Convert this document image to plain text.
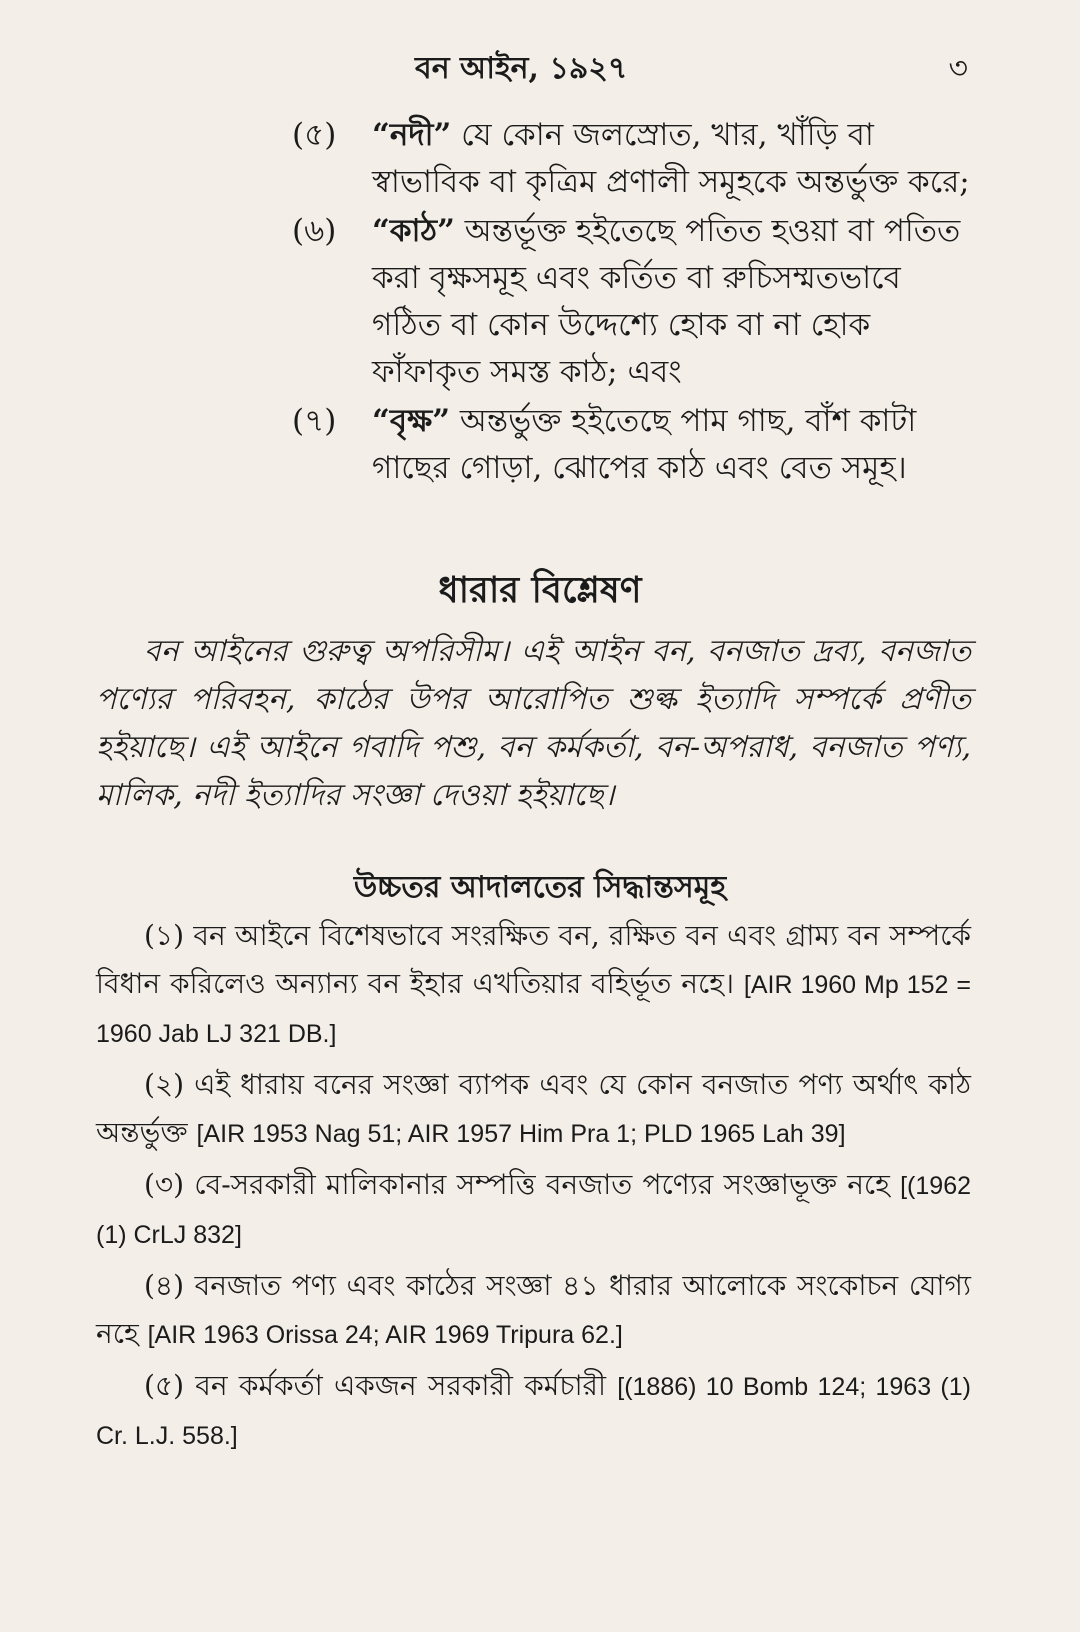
বন আইন, ১৯২৭	৩
(৫) “নদী” যে কোন জলস্রোত, খার, খাঁড়ি বা স্বাভাবিক বা কৃত্রিম প্রণালী সমূহকে অন্তর্ভুক্ত করে;
(৬) “কাঠ” অন্তর্ভূক্ত হইতেছে পতিত হওয়া বা পতিত করা বৃক্ষসমূহ এবং কর্তিত বা রুচিসম্মতভাবে গঠিত বা কোন উদ্দেশ্যে হোক বা না হোক ফাঁফাকৃত সমস্ত কাঠ; এবং
(৭) “বৃক্ষ” অন্তর্ভুক্ত হইতেছে পাম গাছ, বাঁশ কাটা গাছের গোড়া, ঝোপের কাঠ এবং বেত সমূহ।
ধারার বিশ্লেষণ

বন আইনের গুরুত্ব অপরিসীম। এই আইন বন, বনজাত দ্রব্য, বনজাত পণ্যের পরিবহন, কাঠের উপর আরোপিত শুল্ক ইত্যাদি সম্পর্কে প্রণীত হইয়াছে। এই আইনে গবাদি পশু, বন কর্মকর্তা, বন-অপরাধ, বনজাত পণ্য, মালিক, নদী ইত্যাদির সংজ্ঞা দেওয়া হইয়াছে।

উচ্চতর আদালতের সিদ্ধান্তসমূহ

(১) বন আইনে বিশেষভাবে সংরক্ষিত বন, রক্ষিত বন এবং গ্রাম্য বন সম্পর্কে বিধান করিলেও অন্যান্য বন ইহার এখতিয়ার বহির্ভূত নহে। [AIR 1960 Mp 152 = 1960 Jab LJ 321 DB.]

(২) এই ধারায় বনের সংজ্ঞা ব্যাপক এবং যে কোন বনজাত পণ্য অর্থাৎ কাঠ অন্তর্ভুক্ত [AIR 1953 Nag 51; AIR 1957 Him Pra 1; PLD 1965 Lah 39]

(৩) বে-সরকারী মালিকানার সম্পত্তি বনজাত পণ্যের সংজ্ঞাভূক্ত নহে [(1962 (1) CrLJ 832]

(৪) বনজাত পণ্য এবং কাঠের সংজ্ঞা ৪১ ধারার আলোকে সংকোচন যোগ্য নহে [AIR 1963 Orissa 24; AIR 1969 Tripura 62.]

(৫) বন কর্মকর্তা একজন সরকারী কর্মচারী [(1886) 10 Bomb 124; 1963 (1) Cr. L.J. 558.]
